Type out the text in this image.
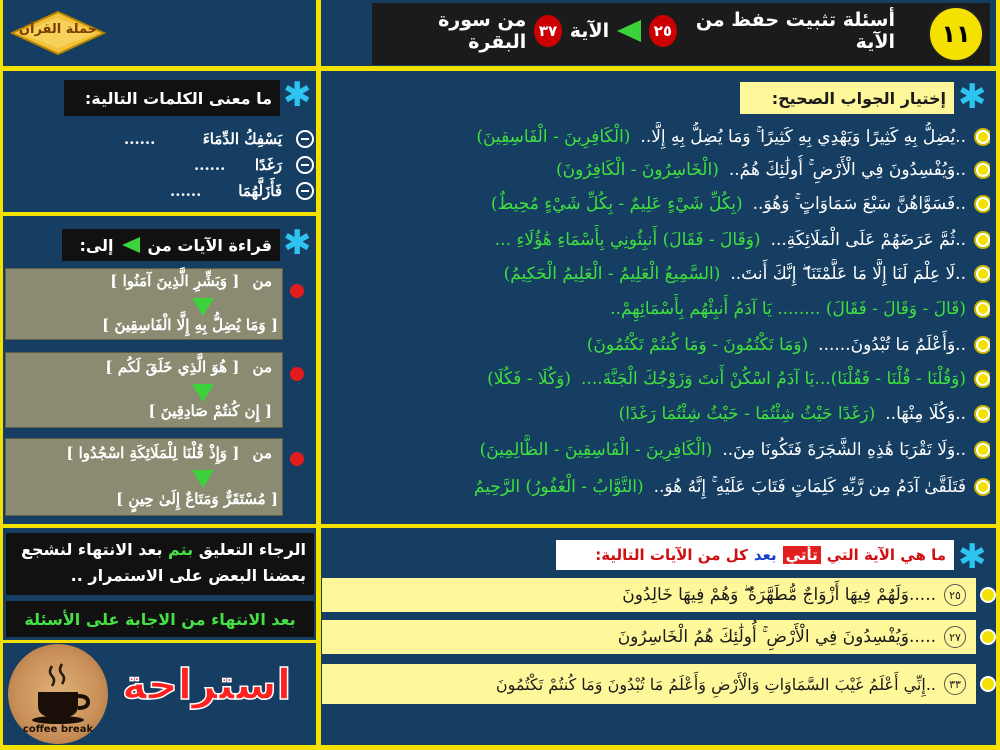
حملة القرآن	١١
أسئلة تثبيت حفظ من الآية
٢٥
الآية
٣٧
من سورة البقرة
✱
ما معنى الكلمات التالية:
......	يَسْفِكُ الدِّمَاءَ
......	رَغَدًا
......	فَأَزَلَّهُمَا
✱
قراءة الآيات من
إلى:
من [ وَبَشِّرِ الَّذِينَ آمَنُوا ]
[ وَمَا يُضِلُّ بِهِ إِلَّا الْفَاسِقِينَ ]
من [ هُوَ الَّذِي خَلَقَ لَكُم ]
[ إِن كُنتُمْ صَادِقِينَ ]
من [ وَإِذْ قُلْنَا لِلْمَلَائِكَةِ اسْجُدُوا ]
[ مُسْتَقَرٌّ وَمَتَاعٌ إِلَىٰ حِينٍ ]
✱
إختيار الجواب الصحيح:
..يُضِلُّ بِهِ كَثِيرًا وَيَهْدِي بِهِ كَثِيرًا ۚ وَمَا يُضِلُّ بِهِ إِلَّا..
(الْكَافِرِينَ - الْفَاسِقِينَ)
..وَيُفْسِدُونَ فِي الْأَرْضِ ۚ أُولَٰئِكَ هُمُ..
(الْخَاسِرُونَ - الْكَافِرُونَ)
..فَسَوَّاهُنَّ سَبْعَ سَمَاوَاتٍ ۚ وَهُوَ..
(بِكُلِّ شَيْءٍ عَلِيمٌ - بِكُلِّ شَيْءٍ مُحِيطٌ)
..ثُمَّ عَرَضَهُمْ عَلَى الْمَلَائِكَةِ...
(وَقَالَ - فَقَالَ) أَنبِئُونِي بِأَسْمَاءِ هَٰؤُلَاءِ ...
..لَا عِلْمَ لَنَا إِلَّا مَا عَلَّمْتَنَا ۖ إِنَّكَ أَنتَ..
(السَّمِيعُ الْعَلِيمُ - الْعَلِيمُ الْحَكِيمُ)
(قَالَ - وَقَالَ - فَقَالَ) ........ يَا آدَمُ أَنبِئْهُم بِأَسْمَائِهِمْ..
..وَأَعْلَمُ مَا تُبْدُونَ......
(وَمَا تَكْتُمُونَ - وَمَا كُنتُمْ تَكْتُمُونَ)
(وَقُلْنَا - قُلْنَا - فَقُلْنَا)...يَا آدَمُ اسْكُنْ أَنتَ وَزَوْجُكَ الْجَنَّةَ....
(وَكُلَا - فَكُلَا)
..وَكُلَا مِنْهَا..
(رَغَدًا حَيْثُ شِئْتُمَا - حَيْثُ شِئْتُمَا رَغَدًا)
..وَلَا تَقْرَبَا هَٰذِهِ الشَّجَرَةَ فَتَكُونَا مِنَ..
(الْكَافِرِينَ - الْفَاسِقِينَ - الظَّالِمِينَ)
فَتَلَقَّىٰ آدَمُ مِن رَّبِّهِ كَلِمَاتٍ فَتَابَ عَلَيْهِ ۚ إِنَّهُ هُوَ..
(التَّوَّابُ - الْغَفُورُ) الرَّحِيمُ
✱
ما هي الآية التي
تأتي
بعد
كل من الآيات التالية:
٢٥
.....وَلَهُمْ فِيهَا أَزْوَاجٌ مُّطَهَّرَةٌ ۖ وَهُمْ فِيهَا خَالِدُونَ
٢٧
.....وَيُفْسِدُونَ فِي الْأَرْضِ ۚ أُولَٰئِكَ هُمُ الْخَاسِرُونَ
٣٣
..إِنِّي أَعْلَمُ غَيْبَ السَّمَاوَاتِ وَالْأَرْضِ وَأَعْلَمُ مَا تُبْدُونَ وَمَا كُنتُمْ تَكْتُمُونَ
الرجاء التعليق بتم بعد الانتهاء لنشجع بعضنا البعض على الاستمرار ..
بعد الانتهاء من الاجابة على الأسئلة
coffee break
استراحة
